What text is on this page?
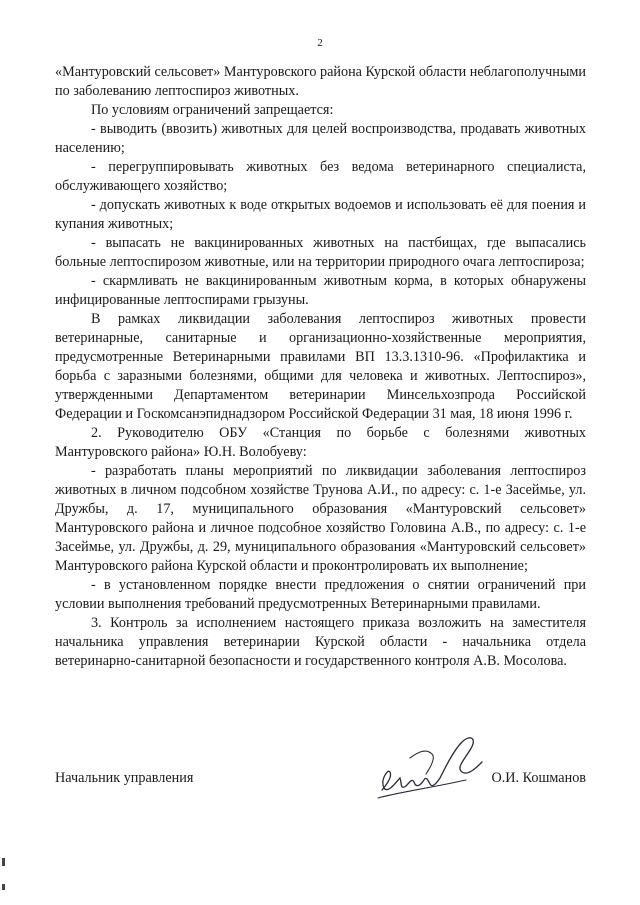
2

«Мантуровский сельсовет» Мантуровского района Курской области неблагополучными по заболеванию лептоспироз животных.

По условиям ограничений запрещается:

- выводить (ввозить) животных для целей воспроизводства, продавать животных населению;

- перегруппировывать животных без ведома ветеринарного специалиста, обслуживающего хозяйство;

- допускать животных к воде открытых водоемов и использовать её для поения и купания животных;

- выпасать не вакцинированных животных на пастбищах, где выпасались больные лептоспирозом животные, или на территории природного очага лептоспироза;

- скармливать не вакцинированным животным корма, в которых обнаружены инфицированные лептоспирами грызуны.

В рамках ликвидации заболевания лептоспироз животных провести ветеринарные, санитарные и организационно-хозяйственные мероприятия, предусмотренные Ветеринарными правилами ВП 13.3.1310-96. «Профилактика и борьба с заразными болезнями, общими для человека и животных. Лептоспироз», утвержденными Департаментом ветеринарии Минсельхозпрода Российской Федерации и Госкомсанэпиднадзором Российской Федерации 31 мая, 18 июня 1996 г.

2. Руководителю ОБУ «Станция по борьбе с болезнями животных Мантуровского района» Ю.Н. Волобуеву:

- разработать планы мероприятий по ликвидации заболевания лептоспироз животных в личном подсобном хозяйстве Трунова А.И., по адресу: с. 1-е Засеймье, ул. Дружбы, д. 17, муниципального образования «Мантуровский сельсовет» Мантуровского района и личное подсобное хозяйство Головина А.В., по адресу: с. 1-е Засеймье, ул. Дружбы, д. 29, муниципального образования «Мантуровский сельсовет» Мантуровского района Курской области и проконтролировать их выполнение;

- в установленном порядке внести предложения о снятии ограничений при условии выполнения требований предусмотренных Ветеринарными правилами.

3. Контроль за исполнением настоящего приказа возложить на заместителя начальника управления ветеринарии Курской области - начальника отдела ветеринарно-санитарной безопасности и государственного контроля А.В. Мосолова.

Начальник управления	О.И. Кошманов
